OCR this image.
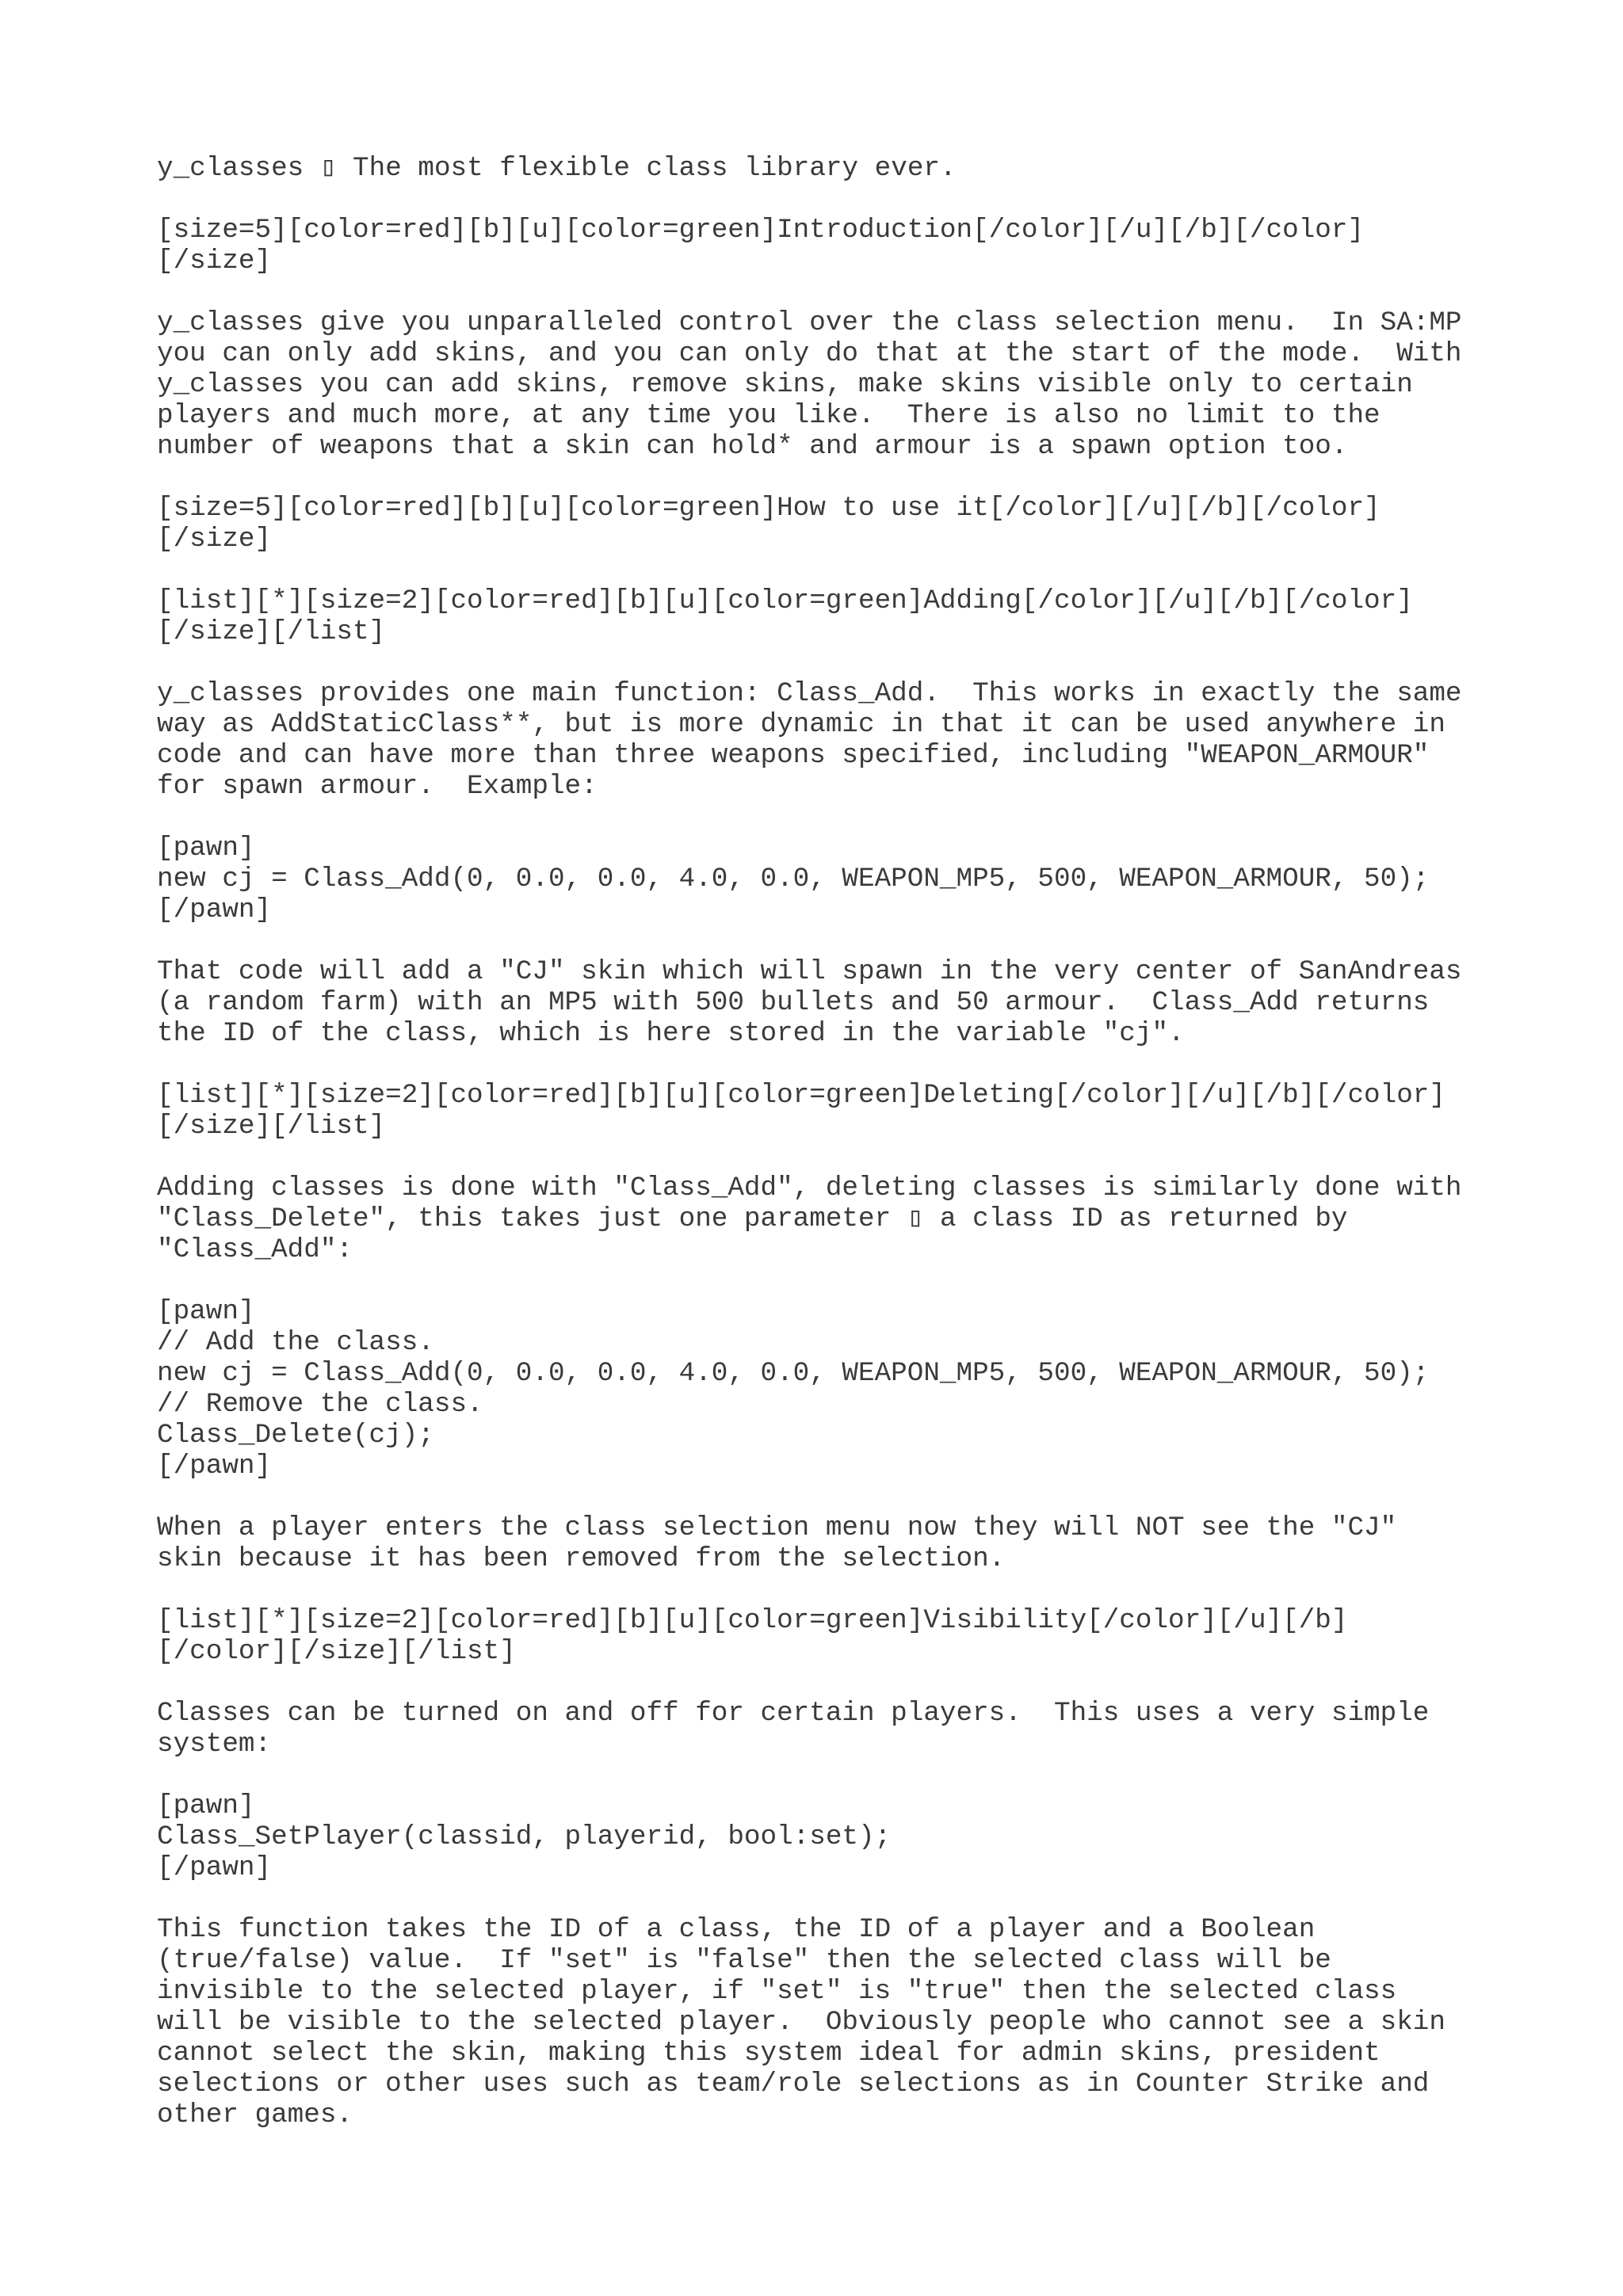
y_classes ▯ The most flexible class library ever.
[size=5][color=red][b][u][color=green]Introduction[/color][/u][/b][/color]
[/size]
y_classes give you unparalleled control over the class selection menu.  In SA:MP
you can only add skins, and you can only do that at the start of the mode.  With
y_classes you can add skins, remove skins, make skins visible only to certain
players and much more, at any time you like.  There is also no limit to the
number of weapons that a skin can hold* and armour is a spawn option too.
[size=5][color=red][b][u][color=green]How to use it[/color][/u][/b][/color]
[/size]
[list][*][size=2][color=red][b][u][color=green]Adding[/color][/u][/b][/color]
[/size][/list]
y_classes provides one main function: Class_Add.  This works in exactly the same
way as AddStaticClass**, but is more dynamic in that it can be used anywhere in
code and can have more than three weapons specified, including "WEAPON_ARMOUR"
for spawn armour.  Example:
[pawn]
new cj = Class_Add(0, 0.0, 0.0, 4.0, 0.0, WEAPON_MP5, 500, WEAPON_ARMOUR, 50);
[/pawn]
That code will add a "CJ" skin which will spawn in the very center of SanAndreas
(a random farm) with an MP5 with 500 bullets and 50 armour.  Class_Add returns
the ID of the class, which is here stored in the variable "cj".
[list][*][size=2][color=red][b][u][color=green]Deleting[/color][/u][/b][/color]
[/size][/list]
Adding classes is done with "Class_Add", deleting classes is similarly done with
"Class_Delete", this takes just one parameter ▯ a class ID as returned by
"Class_Add":
[pawn]
// Add the class.
new cj = Class_Add(0, 0.0, 0.0, 4.0, 0.0, WEAPON_MP5, 500, WEAPON_ARMOUR, 50);
// Remove the class.
Class_Delete(cj);
[/pawn]
When a player enters the class selection menu now they will NOT see the "CJ"
skin because it has been removed from the selection.
[list][*][size=2][color=red][b][u][color=green]Visibility[/color][/u][/b]
[/color][/size][/list]
Classes can be turned on and off for certain players.  This uses a very simple
system:
[pawn]
Class_SetPlayer(classid, playerid, bool:set);
[/pawn]
This function takes the ID of a class, the ID of a player and a Boolean
(true/false) value.  If "set" is "false" then the selected class will be
invisible to the selected player, if "set" is "true" then the selected class
will be visible to the selected player.  Obviously people who cannot see a skin
cannot select the skin, making this system ideal for admin skins, president
selections or other uses such as team/role selections as in Counter Strike and
other games.
